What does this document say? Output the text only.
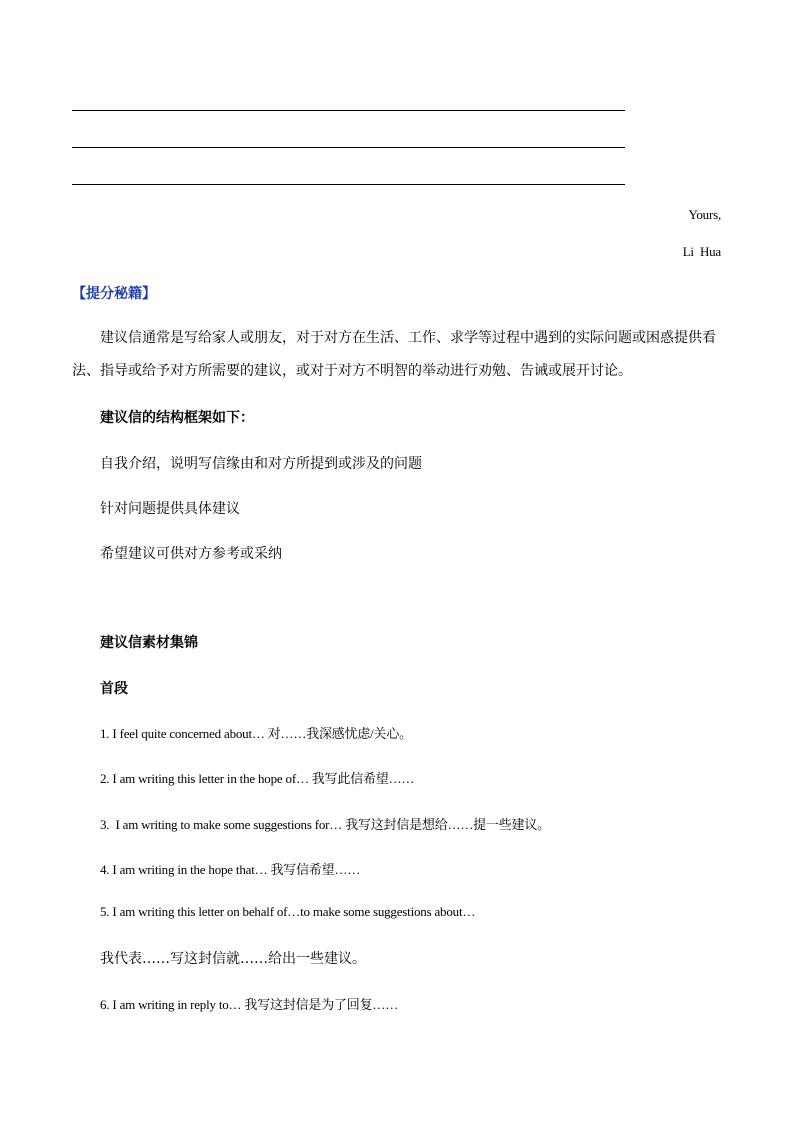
Yours,
Li  Hua
【提分秘籍】
建议信通常是写给家人或朋友，对于对方在生活、工作、求学等过程中遇到的实际问题或困惑提供看法、指导或给予对方所需要的建议，或对于对方不明智的举动进行劝勉、告诫或展开讨论。
建议信的结构框架如下：
自我介绍，说明写信缘由和对方所提到或涉及的问题
针对问题提供具体建议
希望建议可供对方参考或采纳
建议信素材集锦
首段
1. I feel quite concerned about… 对……我深感忧虑/关心。
2. I am writing this letter in the hope of… 我写此信希望……
3.  I am writing to make some suggestions for… 我写这封信是想给……提一些建议。
4. I am writing in the hope that… 我写信希望……
5. I am writing this letter on behalf of…to make some suggestions about…
我代表……写这封信就……给出一些建议。
6. I am writing in reply to… 我写这封信是为了回复……
